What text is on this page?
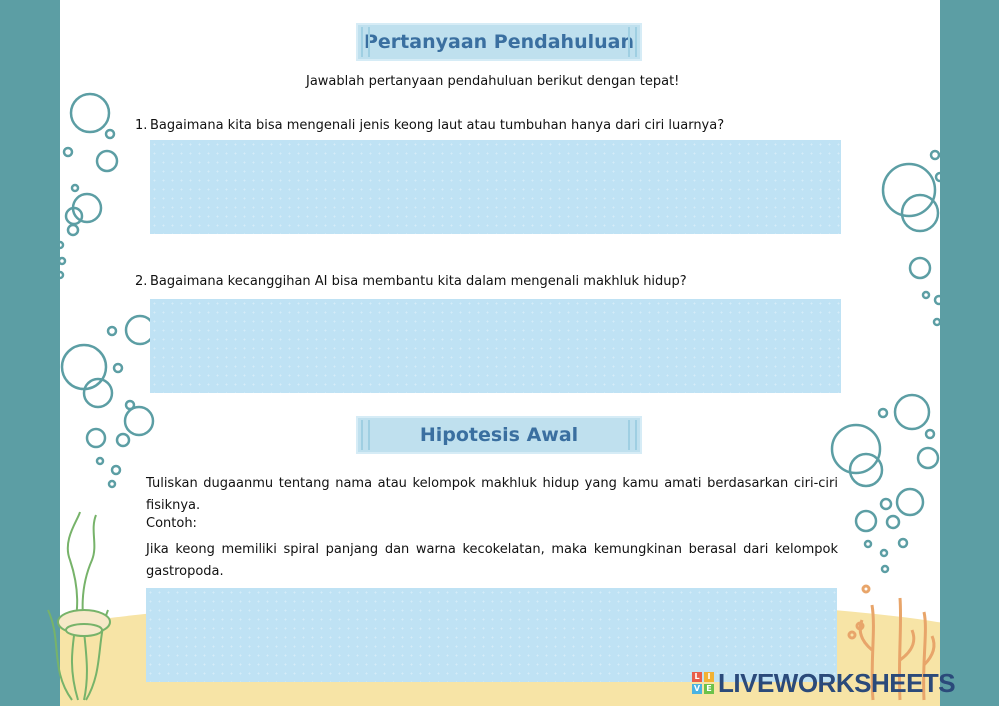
Pertanyaan Pendahuluan
Jawablah pertanyaan pendahuluan berikut dengan tepat!
1. Bagaimana kita bisa mengenali jenis keong laut atau tumbuhan hanya dari ciri luarnya?
2. Bagaimana kecanggihan AI bisa membantu kita dalam mengenali makhluk hidup?
Hipotesis Awal
Tuliskan dugaanmu tentang nama atau kelompok makhluk hidup yang kamu amati berdasarkan ciri-ciri fisiknya.
Contoh:
Jika keong memiliki spiral panjang dan warna kecokelatan, maka kemungkinan berasal dari kelompok gastropoda.
L I
V E LIVEWORKSHEETS
